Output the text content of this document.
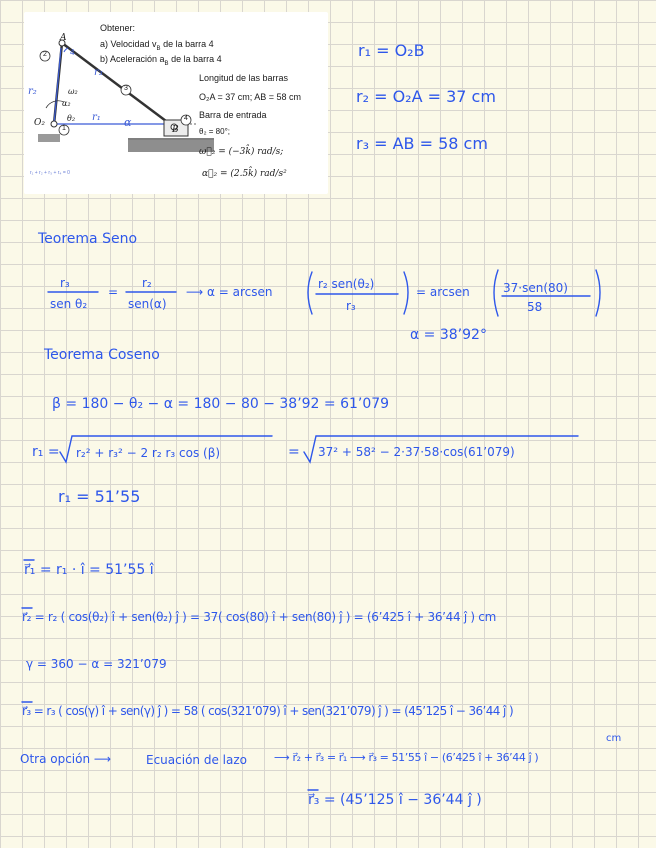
Obtener:
a) Velocidad $v_B$ de la barra 4
b) Aceleración $a_B$ de la barra 4
Longitud de las barras
O₂A = 37 cm; AB = 58 cm
Barra de entrada
θ₂ = 80°;
ω⃗₂ = (−3k̂) rad/s;
α⃗₂ = (2.5k̂) rad/s²
A
B
O₂
2
3
4
1
θ₂
ω₂
α₂
r₂
r₁
r₃
α
4
r₁ + r₂ + r₃ + r₄ = 0
r₁ = O₂B
r₂ = O₂A = 37 cm
r₃ = AB = 58 cm
Teorema Seno
r₃
sen θ₂
=
r₂
sen(α)
⟶ α = arcsen
r₂ sen(θ₂)
r₃
= arcsen	37·sen(80)
58
α = 38’92°
Teorema Coseno
β = 180 − θ₂ − α = 180 − 80 − 38’92 = 61’079
r₁ = r₂² + r₃² − 2 r₂ r₃ cos (β)	= 37² + 58² − 2·37·58·cos(61’079)
r₁ = 51’55
r⃗₁ = r₁ · î = 51’55 î
r⃗₂ = r₂ ( cos(θ₂) î + sen(θ₂) ĵ ) = 37( cos(80) î + sen(80) ĵ ) = (6’425 î + 36’44 ĵ ) cm
γ = 360 − α = 321’079
r⃗₃ = r₃ ( cos(γ) î + sen(γ) ĵ ) = 58 ( cos(321’079) î + sen(321’079) ĵ ) = (45’125 î − 36’44 ĵ )
cm
Otra opción ⟶	Ecuación de lazo ⟶ r⃗₂ + r⃗₃ = r⃗₁ ⟶ r⃗₃ = 51’55 î − (6’425 î + 36’44 ĵ )
r⃗₃ = (45’125 î − 36’44 ĵ )
